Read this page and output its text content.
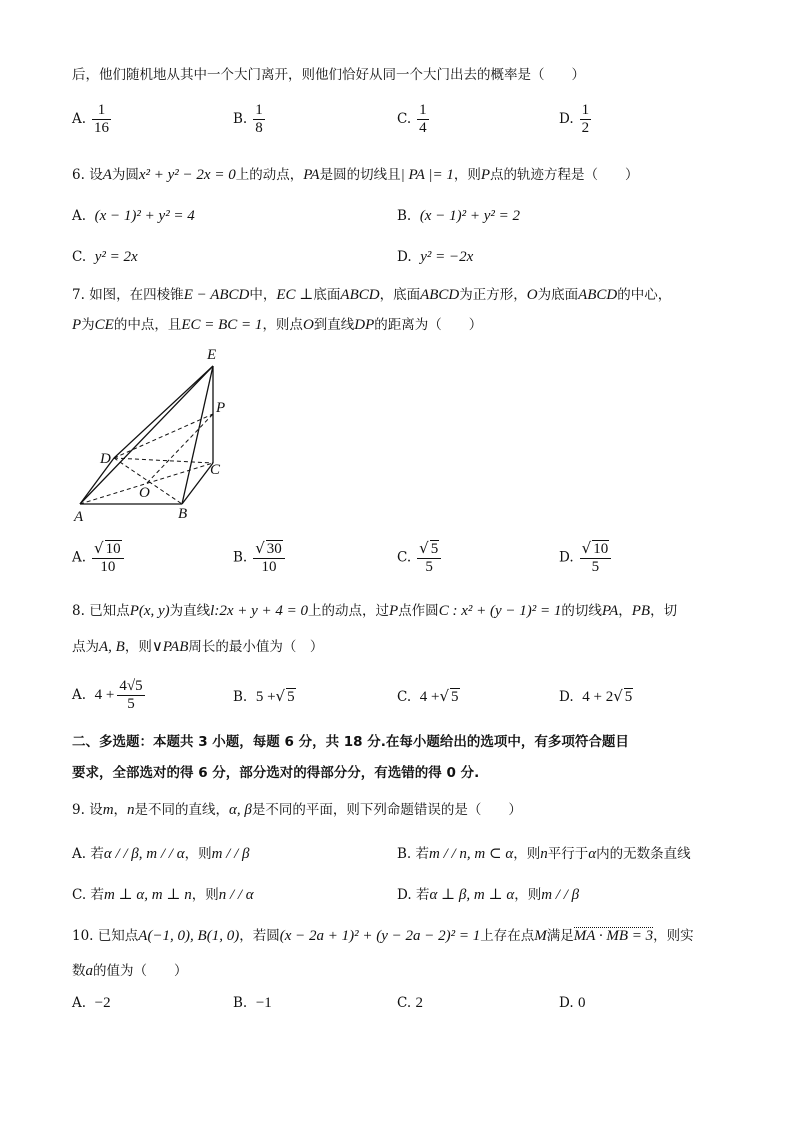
后，他们随机地从其中一个大门离开，则他们恰好从同一个大门出去的概率是（　　）
A. $\frac{1}{16}$	B. $\frac{1}{8}$	C. $\frac{1}{4}$	D. $\frac{1}{2}$
6. 设A为圆x² + y² − 2x = 0上的动点，PA是圆的切线且| PA |= 1，则P点的轨迹方程是（　　）
A. (x − 1)² + y² = 4	B. (x − 1)² + y² = 2
C. y² = 2x	D. y² = −2x
7. 如图，在四棱锥E − ABCD中，EC ⊥底面ABCD，底面ABCD为正方形，O为底面ABCD的中心，
P为CE的中点，且EC = BC = 1，则点O到直线DP的距离为（　　）
E
P
D
C
O
A	B
A. $\frac{√ 10}{10}$	B. $\frac{√ 30}{10}$	C. $\frac{√ 5}{5}$	D. $\frac{√ 10}{5}$
8. 已知点P(x, y)为直线l:2x + y + 4 = 0上的动点，过P点作圆C : x² + (y − 1)² = 1的切线PA，PB，切
点为A, B，则∨PAB周长的最小值为（　）
A. $4 + \frac{4√5}{5}$	B. 5 +√ 5	C. 4 +√ 5	D. 4 + 2√ 5
二、多选题：本题共 3 小题，每题 6 分，共 18 分.在每小题给出的选项中，有多项符合题目
要求，全部选对的得 6 分，部分选对的得部分分，有选错的得 0 分.
9. 设m，n是不同的直线，α, β是不同的平面，则下列命题错误的是（　　）
A. 若α / / β, m / / α，则m / / β	B. 若m / / n, m ⊂ α，则n平行于α内的无数条直线
C. 若m ⊥ α, m ⊥ n，则n / / α	D. 若α ⊥ β, m ⊥ α，则m / / β
10. 已知点A(−1, 0), B(1, 0)，若圆(x − 2a + 1)² + (y − 2a − 2)² = 1上存在点M满足MA · MB = 3，则实
数a的值为（　　）
A. −2	B. −1	C. 2	D. 0
